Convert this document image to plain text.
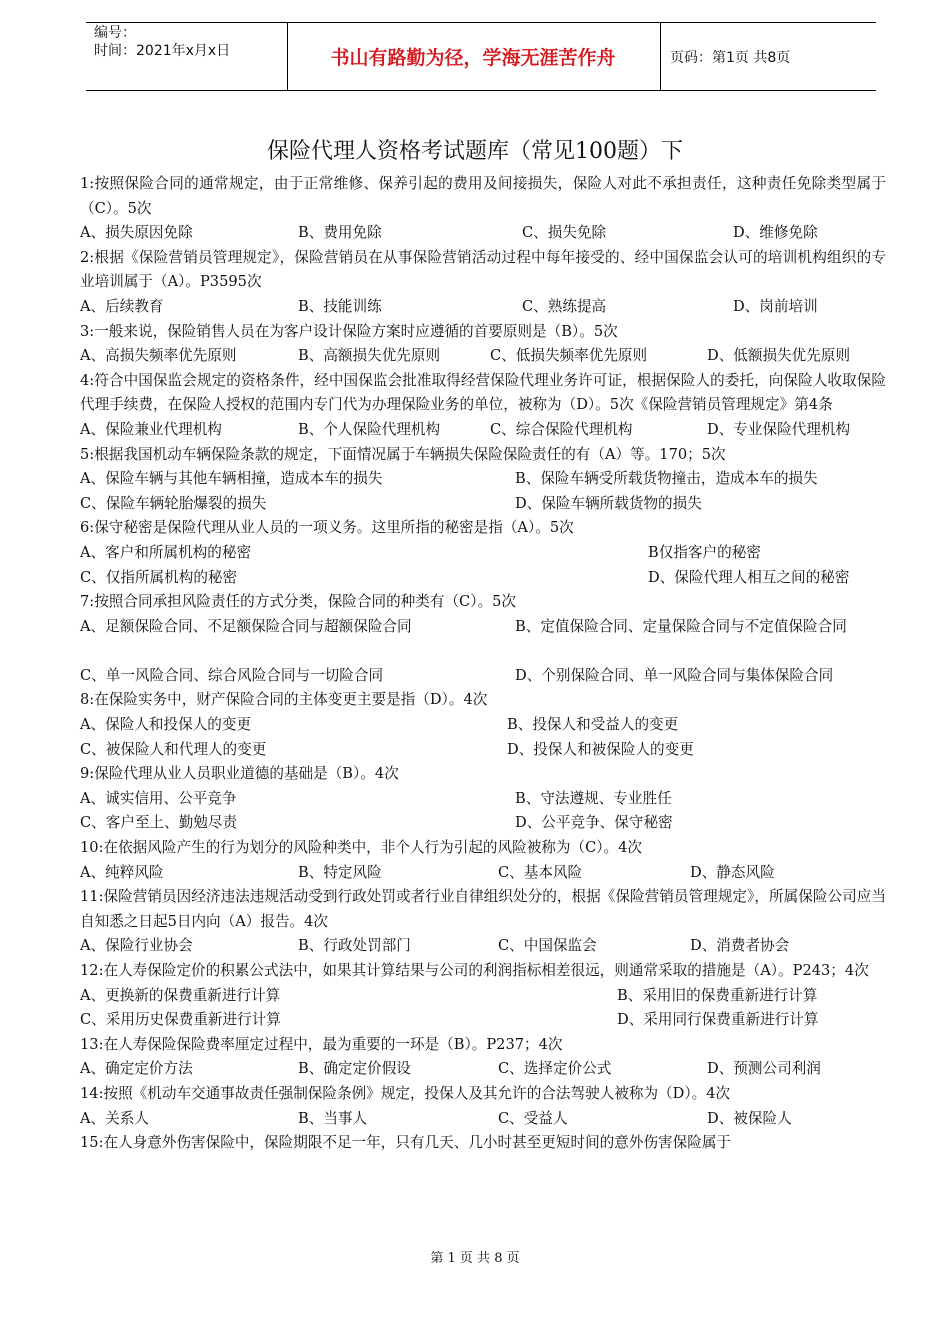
编号：
时间：2021年x月x日	书山有路勤为径，学海无涯苦作舟	页码：第1页 共8页
保险代理人资格考试题库（常见100题）下

1:按照保险合同的通常规定，由于正常维修、保养引起的费用及间接损失，保险人对此不承担责任，这种责任免除类型属于（C）。5次

A、损失原因免除	B、费用免除	C、损失免除	D、维修免除

2:根据《保险营销员管理规定》，保险营销员在从事保险营销活动过程中每年接受的、经中国保监会认可的培训机构组织的专业培训属于（A）。P3595次

A、后续教育	B、技能训练	C、熟练提高	D、岗前培训

3:一般来说，保险销售人员在为客户设计保险方案时应遵循的首要原则是（B）。5次

A、高损失频率优先原则	B、高额损失优先原则	C、低损失频率优先原则	D、低额损失优先原则

4:符合中国保监会规定的资格条件，经中国保监会批准取得经营保险代理业务许可证，根据保险人的委托，向保险人收取保险代理手续费，在保险人授权的范围内专门代为办理保险业务的单位，被称为（D）。5次《保险营销员管理规定》第4条

A、保险兼业代理机构	B、个人保险代理机构	C、综合保险代理机构	D、专业保险代理机构

5:根据我国机动车辆保险条款的规定，下面情况属于车辆损失保险保险责任的有（A）等。170；5次

A、保险车辆与其他车辆相撞，造成本车的损失	B、保险车辆受所载货物撞击，造成本车的损失
C、保险车辆轮胎爆裂的损失	D、保险车辆所载货物的损失

6:保守秘密是保险代理从业人员的一项义务。这里所指的秘密是指（A）。5次

A、客户和所属机构的秘密	B仅指客户的秘密
C、仅指所属机构的秘密	D、保险代理人相互之间的秘密

7:按照合同承担风险责任的方式分类，保险合同的种类有（C）。5次

A、足额保险合同、不足额保险合同与超额保险合同	B、定值保险合同、定量保险合同与不定值保险合同
C、单一风险合同、综合风险合同与一切险合同	D、个别保险合同、单一风险合同与集体保险合同

8:在保险实务中，财产保险合同的主体变更主要是指（D）。4次

A、保险人和投保人的变更	B、投保人和受益人的变更
C、被保险人和代理人的变更	D、投保人和被保险人的变更

9:保险代理从业人员职业道德的基础是（B）。4次

A、诚实信用、公平竞争	B、守法遵规、专业胜任
C、客户至上、勤勉尽责	D、公平竞争、保守秘密

10:在依据风险产生的行为划分的风险种类中，非个人行为引起的风险被称为（C）。4次

A、纯粹风险	B、特定风险	C、基本风险	D、静态风险

11:保险营销员因经济违法违规活动受到行政处罚或者行业自律组织处分的，根据《保险营销员管理规定》，所属保险公司应当自知悉之日起5日内向（A）报告。4次

A、保险行业协会	B、行政处罚部门	C、中国保监会	D、消费者协会

12:在人寿保险定价的积累公式法中，如果其计算结果与公司的利润指标相差很远，则通常采取的措施是（A）。P243；4次

A、更换新的保费重新进行计算	B、采用旧的保费重新进行计算
C、采用历史保费重新进行计算	D、采用同行保费重新进行计算

13:在人寿保险保险费率厘定过程中，最为重要的一环是（B）。P237；4次

A、确定定价方法	B、确定定价假设	C、选择定价公式	D、预测公司利润

14:按照《机动车交通事故责任强制保险条例》规定，投保人及其允许的合法驾驶人被称为（D）。4次

A、关系人	B、当事人	C、受益人	D、被保险人

15:在人身意外伤害保险中，保险期限不足一年，只有几天、几小时甚至更短时间的意外伤害保险属于

第 1 页 共 8 页
